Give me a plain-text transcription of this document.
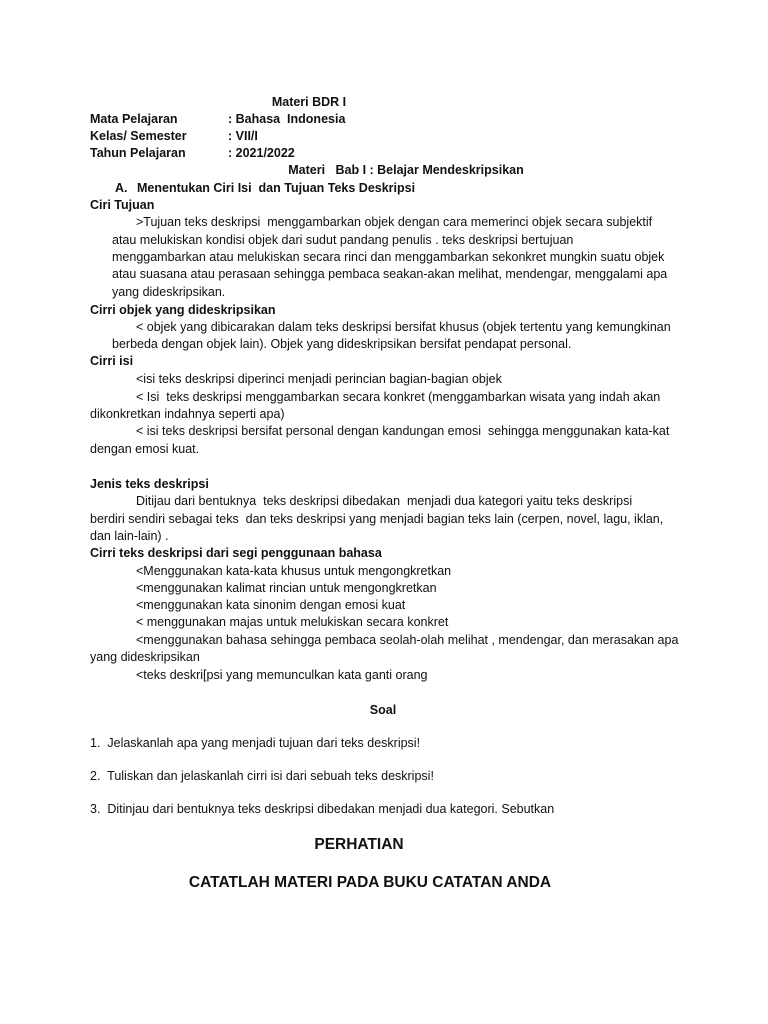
Materi BDR I
Mata Pelajaran	: Bahasa  Indonesia
Kelas/ Semester	: VII/I
Tahun Pelajaran	: 2021/2022
Materi   Bab I : Belajar Mendeskripsikan
A. Menentukan Ciri Isi  dan Tujuan Teks Deskripsi
Ciri Tujuan
>Tujuan teks deskripsi  menggambarkan objek dengan cara memerinci objek secara subjektif
atau melukiskan kondisi objek dari sudut pandang penulis . teks deskripsi bertujuan
menggambarkan atau melukiskan secara rinci dan menggambarkan sekonkret mungkin suatu objek
atau suasana atau perasaan sehingga pembaca seakan-akan melihat, mendengar, menggalami apa
yang dideskripsikan.
Cirri objek yang dideskripsikan
< objek yang dibicarakan dalam teks deskripsi bersifat khusus (objek tertentu yang kemungkinan
berbeda dengan objek lain). Objek yang dideskripsikan bersifat pendapat personal.
Cirri isi
<isi teks deskripsi diperinci menjadi perincian bagian-bagian objek
< Isi  teks deskripsi menggambarkan secara konkret (menggambarkan wisata yang indah akan
dikonkretkan indahnya seperti apa)
< isi teks deskripsi bersifat personal dengan kandungan emosi  sehingga menggunakan kata-kat
dengan emosi kuat.
Jenis teks deskripsi
Ditijau dari bentuknya  teks deskripsi dibedakan  menjadi dua kategori yaitu teks deskripsi
berdiri sendiri sebagai teks  dan teks deskripsi yang menjadi bagian teks lain (cerpen, novel, lagu, iklan,
dan lain-lain) .
Cirri teks deskripsi dari segi penggunaan bahasa
<Menggunakan kata-kata khusus untuk mengongkretkan
<menggunakan kalimat rincian untuk mengongkretkan
<menggunakan kata sinonim dengan emosi kuat
< menggunakan majas untuk melukiskan secara konkret
<menggunakan bahasa sehingga pembaca seolah-olah melihat , mendengar, dan merasakan apa
yang dideskripsikan
<teks deskri[psi yang memunculkan kata ganti orang
Soal
1.  Jelaskanlah apa yang menjadi tujuan dari teks deskripsi!
2.  Tuliskan dan jelaskanlah cirri isi dari sebuah teks deskripsi!
3.  Ditinjau dari bentuknya teks deskripsi dibedakan menjadi dua kategori. Sebutkan
PERHATIAN
CATATLAH MATERI PADA BUKU CATATAN ANDA
